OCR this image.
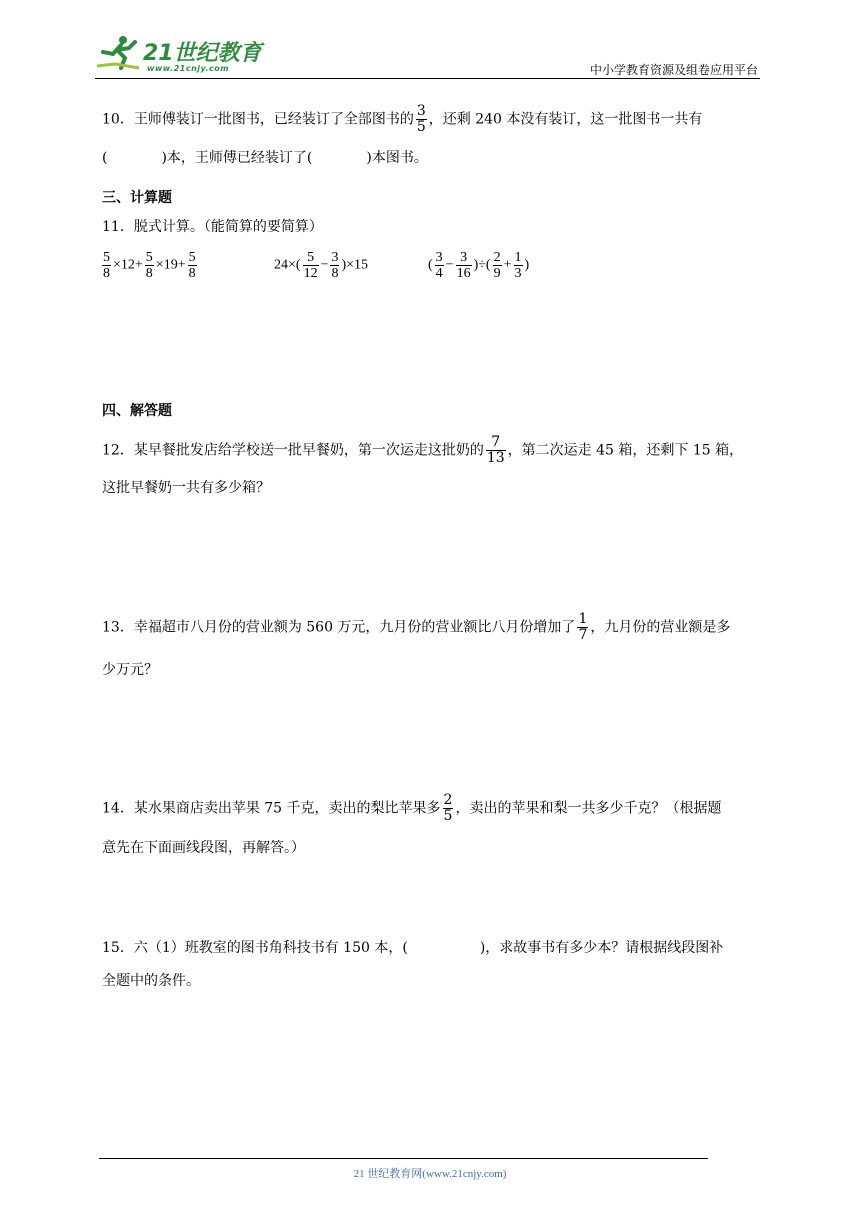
21世纪教育
www.21cnjy.com	中小学教育资源及组卷应用平台
10．王师傅装订一批图书，已经装订了全部图书的 $\frac{3}{5}$ ，还剩 240 本没有装订，这一批图书一共有
(	)本，王师傅已经装订了(	)本图书。
三、计算题
11．脱式计算。（能简算的要简算）
$\frac{5}{8} \times 12+ \frac{5}{8} \times 19+ \frac{5}{8}$	$24\times( \frac{5}{12} - \frac{3}{8} )\times 15$	( $\frac{3}{4} - \frac{3}{16}$ )÷( $\frac{2}{9} + \frac{1}{3}$ )
四、解答题
12．某早餐批发店给学校送一批早餐奶，第一次运走这批奶的 $\frac{7}{13}$ ，第二次运走 45 箱，还剩下 15 箱，
这批早餐奶一共有多少箱？
13．幸福超市八月份的营业额为 560 万元，九月份的营业额比八月份增加了 $\frac{1}{7}$ ，九月份的营业额是多
少万元？
14．某水果商店卖出苹果 75 千克，卖出的梨比苹果多 $\frac{2}{5}$ ，卖出的苹果和梨一共多少千克？（根据题
意先在下面画线段图，再解答。）
15．六（1）班教室的图书角科技书有 150 本，(	)，求故事书有多少本？请根据线段图补
全题中的条件。
21 世纪教育网(www.21cnjy.com)
